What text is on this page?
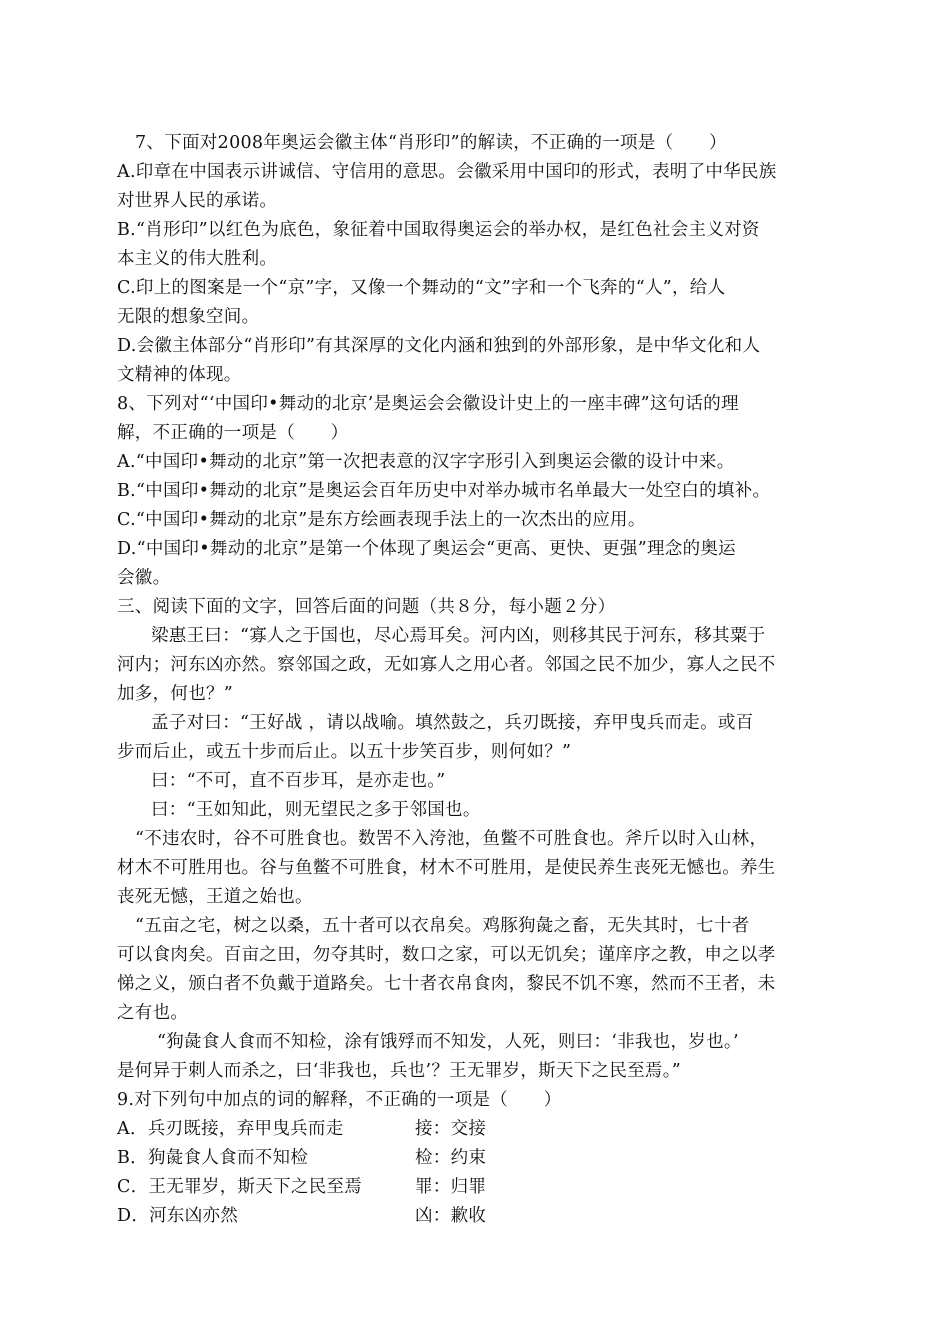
7、下面对2008年奥运会徽主体“肖形印”的解读，不正确的一项是（　　）
A.印章在中国表示讲诚信、守信用的意思。会徽采用中国印的形式，表明了中华民族
对世界人民的承诺。
B.“肖形印”以红色为底色，象征着中国取得奥运会的举办权，是红色社会主义对资
本主义的伟大胜利。
C.印上的图案是一个“京”字，又像一个舞动的“文”字和一个飞奔的“人”，给人
无限的想象空间。
D.会徽主体部分“肖形印”有其深厚的文化内涵和独到的外部形象，是中华文化和人
文精神的体现。
8、下列对“‘中国印•舞动的北京’是奥运会会徽设计史上的一座丰碑”这句话的理
解，不正确的一项是（　　）
A.“中国印•舞动的北京”第一次把表意的汉字字形引入到奥运会徽的设计中来。
B.“中国印•舞动的北京”是奥运会百年历史中对举办城市名单最大一处空白的填补。
C.“中国印•舞动的北京”是东方绘画表现手法上的一次杰出的应用。
D.“中国印•舞动的北京”是第一个体现了奥运会“更高、更快、更强”理念的奥运
会徽。
三、阅读下面的文字，回答后面的问题（共８分，每小题２分）
梁惠王曰：“寡人之于国也，尽心焉耳矣。河内凶，则移其民于河东，移其粟于
河内；河东凶亦然。察邻国之政，无如寡人之用心者。邻国之民不加少，寡人之民不
加多，何也？”
孟子对曰：“王好战 ，请以战喻。填然鼓之，兵刃既接，弃甲曳兵而走。或百
步而后止，或五十步而后止。以五十步笑百步，则何如？”
曰：“不可，直不百步耳，是亦走也。”
曰：“王如知此，则无望民之多于邻国也。
“不违农时，谷不可胜食也。数罟不入洿池，鱼鳖不可胜食也。斧斤以时入山林，
材木不可胜用也。谷与鱼鳖不可胜食，材木不可胜用，是使民养生丧死无憾也。养生
丧死无憾，王道之始也。
“五亩之宅，树之以桑，五十者可以衣帛矣。鸡豚狗彘之畜，无失其时，七十者
可以食肉矣。百亩之田，勿夺其时，数口之家，可以无饥矣；谨庠序之教，申之以孝
悌之义，颁白者不负戴于道路矣。七十者衣帛食肉，黎民不饥不寒，然而不王者，未
之有也。
“狗彘食人食而不知检，涂有饿殍而不知发，人死，则曰：‘非我也，岁也。’
是何异于刺人而杀之，曰‘非我也，兵也’？王无罪岁，斯天下之民至焉。”
9.对下列句中加点的词的解释，不正确的一项是（　　）
A．兵刃既接，弃甲曳兵而走	接：交接
B．狗彘食人食而不知检	检：约束
C．王无罪岁，斯天下之民至焉	罪：归罪
D．河东凶亦然	凶：歉收
